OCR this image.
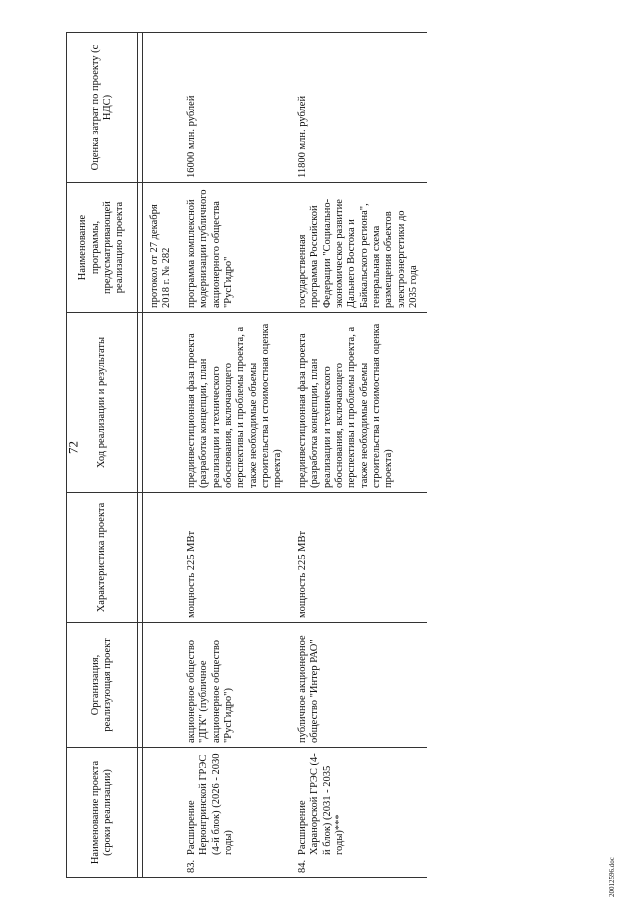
72
Наименование проекта (сроки реализации)	Организация, реализующая проект	Характеристика проекта	Ход реализации и результаты	Наименование программы, предусматривающей реализацию проекта	Оценка затрат по проекту (с НДС)

				протокол от 27 декабря 2018 г. № 282	

83.
Расширение Нерюнгринской ГРЭС (4-й блок) (2026 - 2030 годы)	акционерное общество "ДГК" (публичное акционерное общество "РусГидро")	мощность 225 МВт	прединвестиционная фаза проекта (разработка концепции, план реализации и технического обоснования, включающего перспективы и проблемы проекта, а также необходимые объемы строительства и стоимостная оценка проекта)	программа комплексной модернизации публичного акционерного общества "РусГидро"	16000 млн. рублей

84.
Расширение Харанорской ГРЭС (4-й блок) (2031 - 2035 годы)***	публичное акционерное общество "Интер РАО"	мощность 225 МВт	прединвестиционная фаза проекта (разработка концепции, план реализации и технического обоснования, включающего перспективы и проблемы проекта, а также необходимые объемы строительства и стоимостная оценка проекта)	государственная программа Российской Федерации "Социально-экономическое развитие Дальнего Востока и Байкальского региона", генеральная схема размещения объектов электроэнергетики до 2035 года	11800 млн. рублей
20012596.doc
